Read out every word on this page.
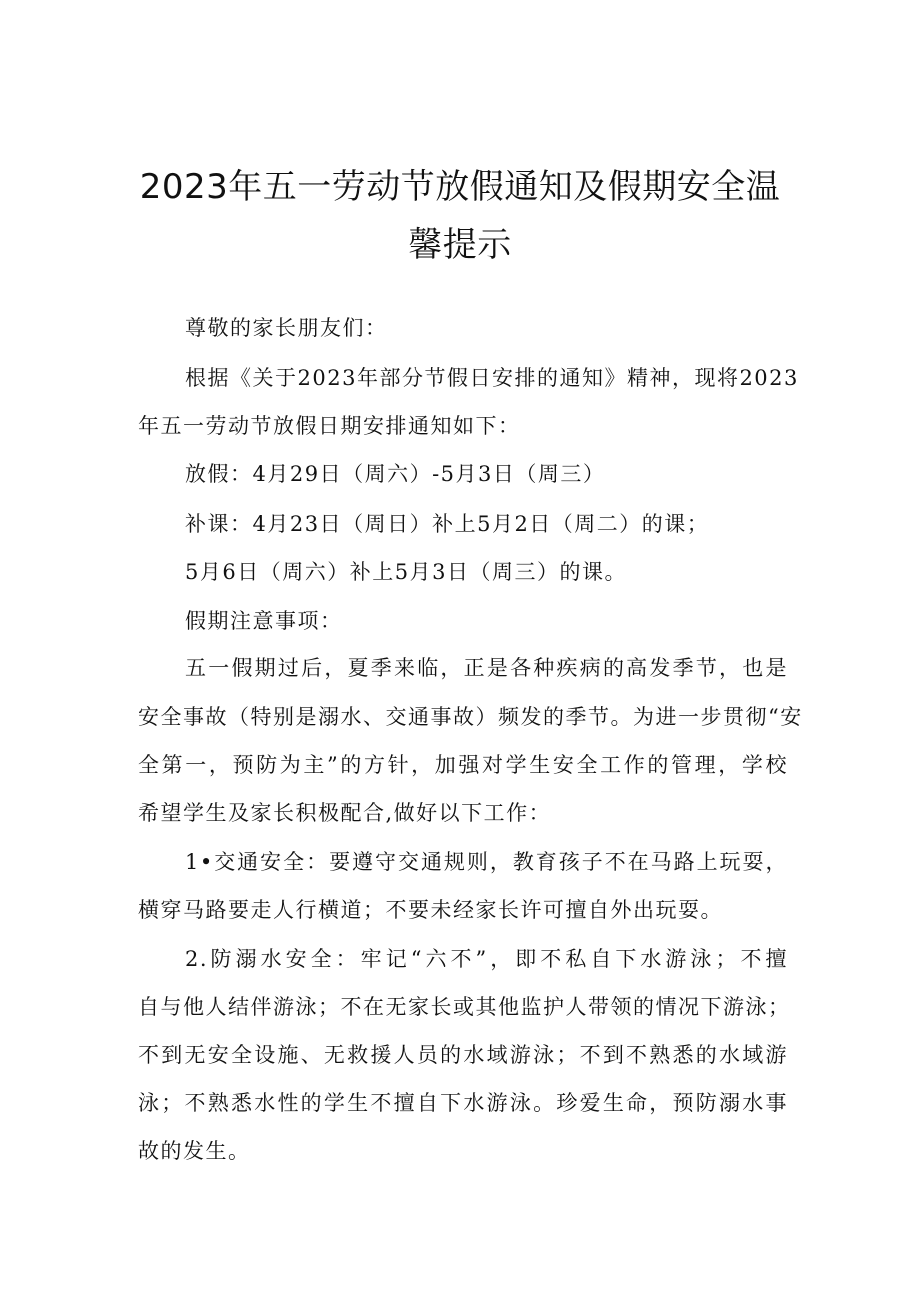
2023年五一劳动节放假通知及假期安全温
馨提示
尊敬的家长朋友们：
根据《关于2023年部分节假日安排的通知》精神，现将2023
年五一劳动节放假日期安排通知如下：
放假：4月29日（周六）-5月3日（周三）
补课：4月23日（周日）补上5月2日（周二）的课；
5月6日（周六）补上5月3日（周三）的课。
假期注意事项：
五一假期过后，夏季来临，正是各种疾病的高发季节，也是
安全事故（特别是溺水、交通事故）频发的季节。为进一步贯彻“安
全第一，预防为主”的方针，加强对学生安全工作的管理，学校
希望学生及家长积极配合,做好以下工作：
1•交通安全：要遵守交通规则，教育孩子不在马路上玩耍，
横穿马路要走人行横道；不要未经家长许可擅自外出玩耍。
2.防溺水安全：牢记“六不”，即不私自下水游泳；不擅
自与他人结伴游泳；不在无家长或其他监护人带领的情况下游泳；
不到无安全设施、无救援人员的水域游泳；不到不熟悉的水域游
泳；不熟悉水性的学生不擅自下水游泳。珍爱生命，预防溺水事
故的发生。
